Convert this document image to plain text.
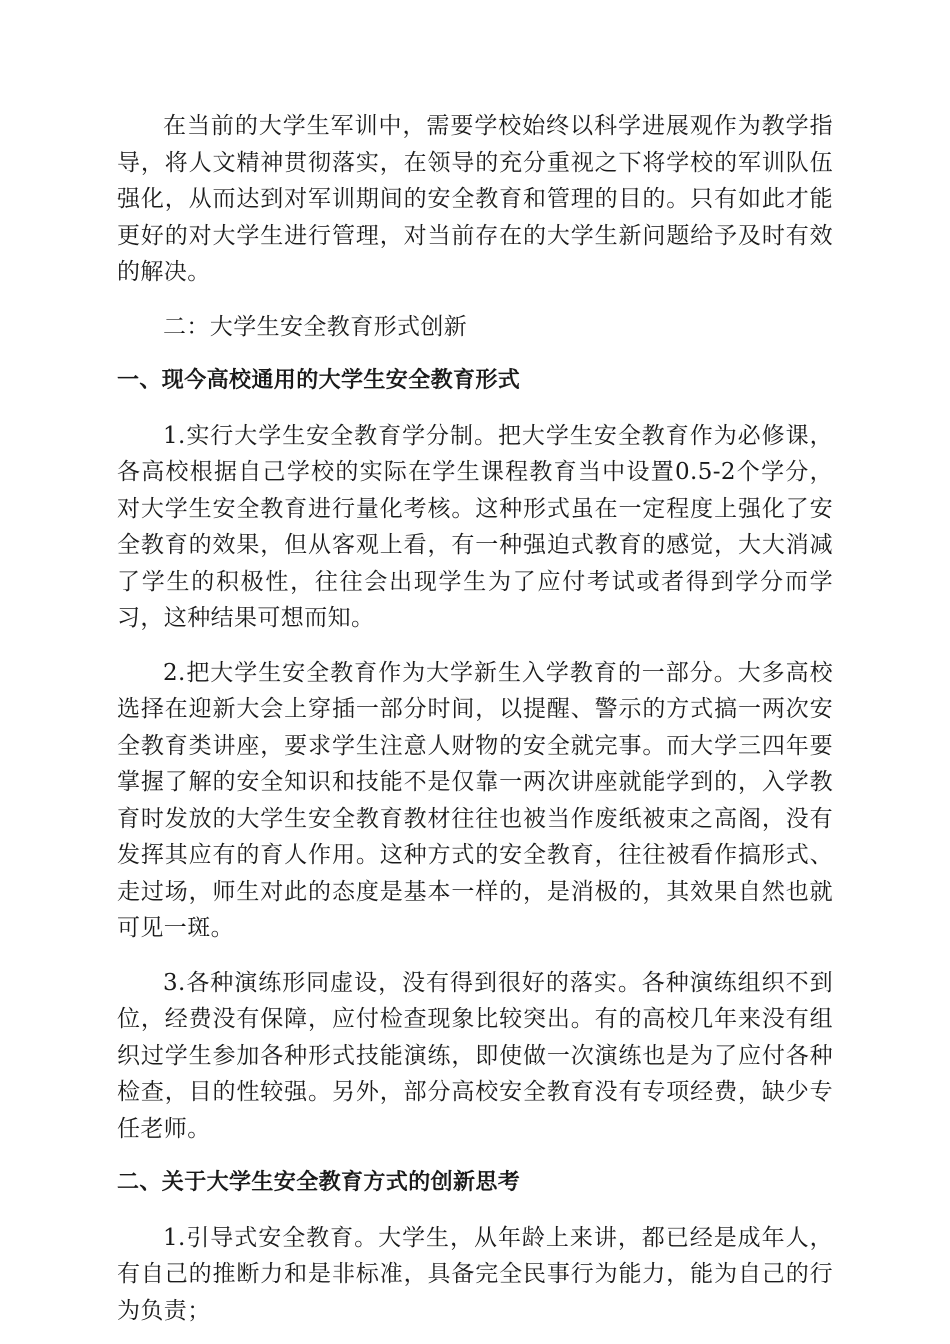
在当前的大学生军训中，需要学校始终以科学进展观作为教学指导，将人文精神贯彻落实，在领导的充分重视之下将学校的军训队伍强化，从而达到对军训期间的安全教育和管理的目的。只有如此才能更好的对大学生进行管理，对当前存在的大学生新问题给予及时有效的解决。

二：大学生安全教育形式创新

一、现今高校通用的大学生安全教育形式

1.实行大学生安全教育学分制。把大学生安全教育作为必修课，各高校根据自己学校的实际在学生课程教育当中设置0.5-2个学分，对大学生安全教育进行量化考核。这种形式虽在一定程度上强化了安全教育的效果，但从客观上看，有一种强迫式教育的感觉，大大消减了学生的积极性，往往会出现学生为了应付考试或者得到学分而学习，这种结果可想而知。

2.把大学生安全教育作为大学新生入学教育的一部分。大多高校选择在迎新大会上穿插一部分时间，以提醒、警示的方式搞一两次安全教育类讲座，要求学生注意人财物的安全就完事。而大学三四年要掌握了解的安全知识和技能不是仅靠一两次讲座就能学到的，入学教育时发放的大学生安全教育教材往往也被当作废纸被束之高阁，没有发挥其应有的育人作用。这种方式的安全教育，往往被看作搞形式、走过场，师生对此的态度是基本一样的，是消极的，其效果自然也就可见一斑。

3.各种演练形同虚设，没有得到很好的落实。各种演练组织不到位，经费没有保障，应付检查现象比较突出。有的高校几年来没有组织过学生参加各种形式技能演练，即使做一次演练也是为了应付各种检查，目的性较强。另外，部分高校安全教育没有专项经费，缺少专任老师。

二、关于大学生安全教育方式的创新思考

1.引导式安全教育。大学生，从年龄上来讲，都已经是成年人，有自己的推断力和是非标准，具备完全民事行为能力，能为自己的行为负责；
